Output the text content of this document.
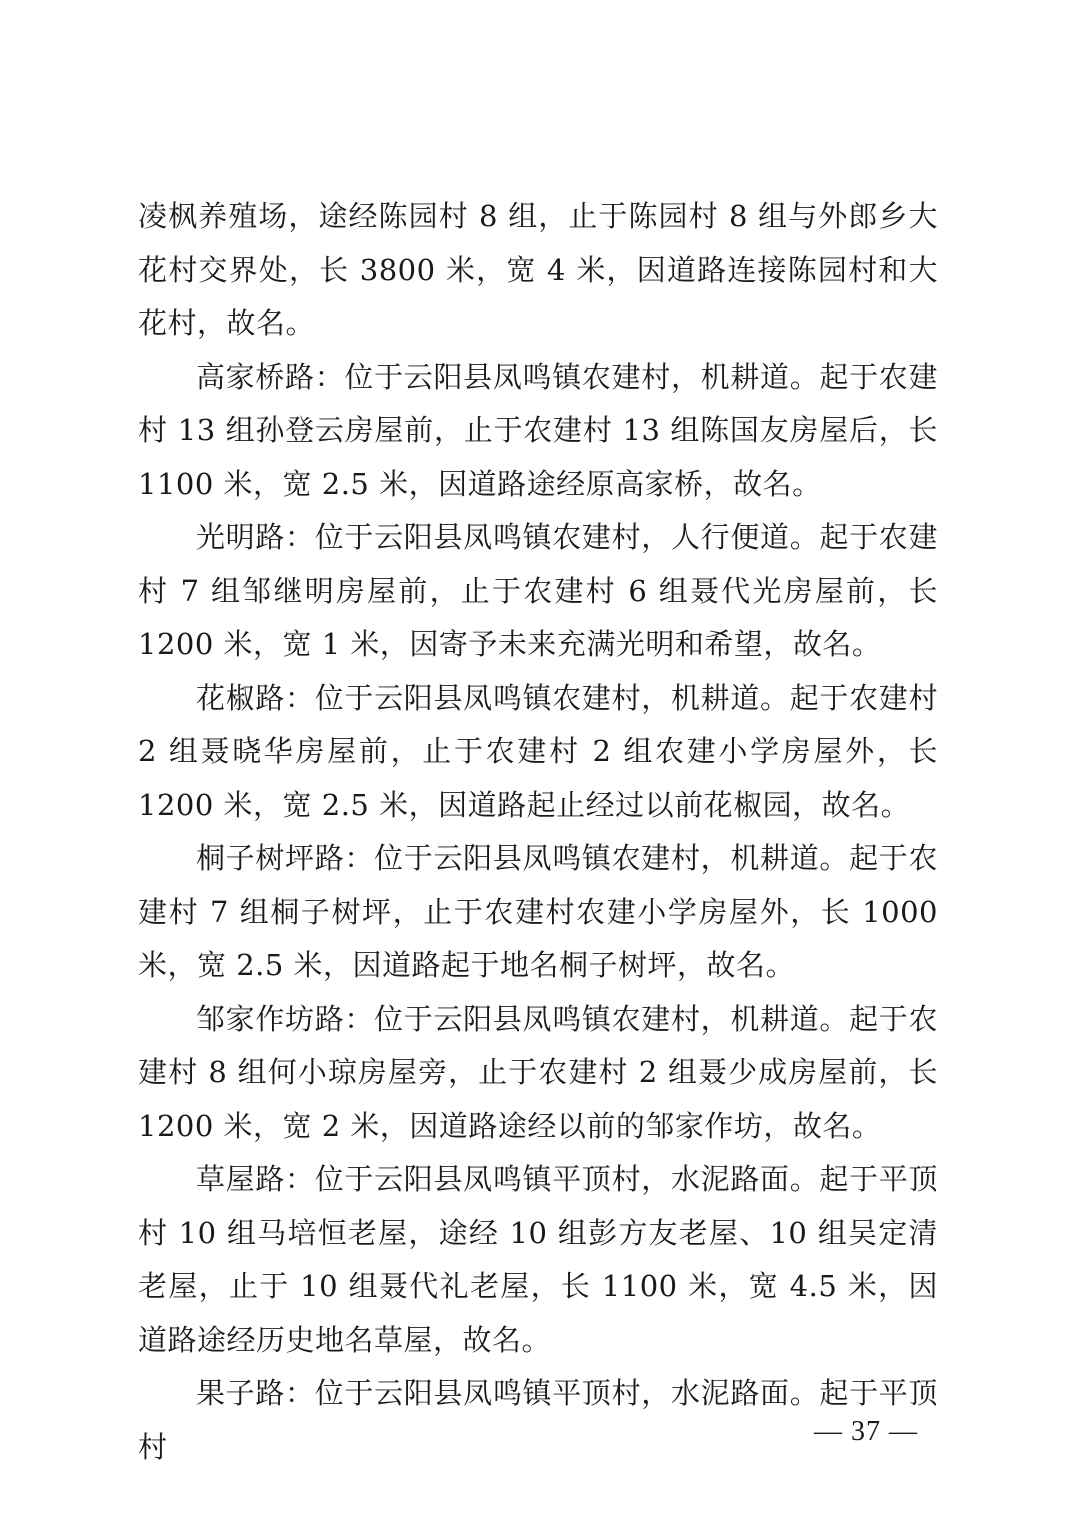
凌枫养殖场，途经陈园村 8 组，止于陈园村 8 组与外郎乡大花村交界处，长 3800 米，宽 4 米，因道路连接陈园村和大花村，故名。

高家桥路：位于云阳县凤鸣镇农建村，机耕道。起于农建村 13 组孙登云房屋前，止于农建村 13 组陈国友房屋后，长 1100 米，宽 2.5 米，因道路途经原高家桥，故名。

光明路：位于云阳县凤鸣镇农建村，人行便道。起于农建村 7 组邹继明房屋前，止于农建村 6 组聂代光房屋前，长 1200 米，宽 1 米，因寄予未来充满光明和希望，故名。

花椒路：位于云阳县凤鸣镇农建村，机耕道。起于农建村 2 组聂晓华房屋前，止于农建村 2 组农建小学房屋外，长 1200 米，宽 2.5 米，因道路起止经过以前花椒园，故名。

桐子树坪路：位于云阳县凤鸣镇农建村，机耕道。起于农建村 7 组桐子树坪，止于农建村农建小学房屋外，长 1000 米，宽 2.5 米，因道路起于地名桐子树坪，故名。

邹家作坊路：位于云阳县凤鸣镇农建村，机耕道。起于农建村 8 组何小琼房屋旁，止于农建村 2 组聂少成房屋前，长 1200 米，宽 2 米，因道路途经以前的邹家作坊，故名。

草屋路：位于云阳县凤鸣镇平顶村，水泥路面。起于平顶村 10 组马培恒老屋，途经 10 组彭方友老屋、10 组吴定清老屋，止于 10 组聂代礼老屋，长 1100 米，宽 4.5 米，因道路途经历史地名草屋，故名。

果子路：位于云阳县凤鸣镇平顶村，水泥路面。起于平顶村	— 37 —
